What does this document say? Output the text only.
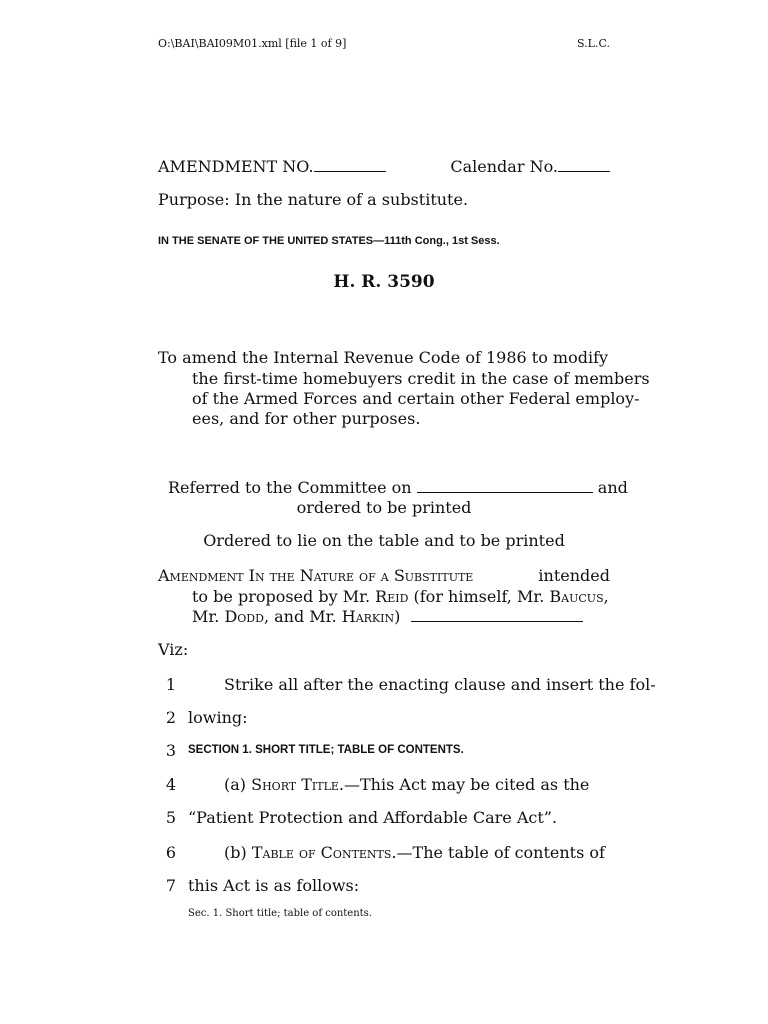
O:\BAI\BAI09M01.xml [file 1 of 9]	S.L.C.
AMENDMENT NO.	Calendar No.
Purpose: In the nature of a substitute.
IN THE SENATE OF THE UNITED STATES—111th Cong., 1st Sess.
H. R. 3590
To amend the Internal Revenue Code of 1986 to modify
the first-time homebuyers credit in the case of members
of the Armed Forces and certain other Federal employ-
ees, and for other purposes.
Referred to the Committee on	and
ordered to be printed
Ordered to lie on the table and to be printed
Amendment In the Nature of a Substitute	intended
to be proposed by Mr. Reid (for himself, Mr. Baucus,
Mr. Dodd, and Mr. Harkin)
Viz:
1	Strike all after the enacting clause and insert the fol-
2 lowing:
3 SECTION 1. SHORT TITLE; TABLE OF CONTENTS.
4	(a) Short Title.—This Act may be cited as the
5 “Patient Protection and Affordable Care Act”.
6	(b) Table of Contents.—The table of contents of
7 this Act is as follows:
Sec. 1. Short title; table of contents.
